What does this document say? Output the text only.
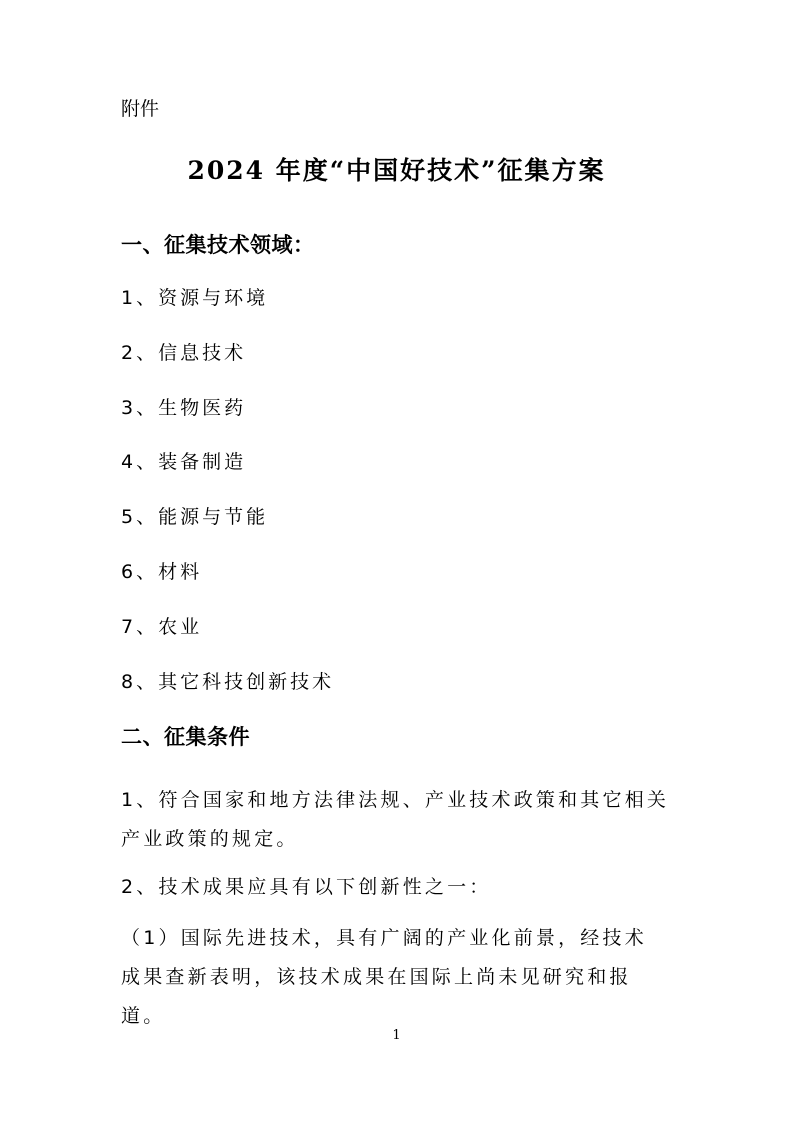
附件
2024 年度“中国好技术”征集方案
一、征集技术领域：
1、资源与环境
2、信息技术
3、生物医药
4、装备制造
5、能源与节能
6、材料
7、农业
8、其它科技创新技术
二、征集条件
1、符合国家和地方法律法规、产业技术政策和其它相关产业政策的规定。
2、技术成果应具有以下创新性之一：
（1）国际先进技术，具有广阔的产业化前景，经技术成果查新表明，该技术成果在国际上尚未见研究和报道。
1
